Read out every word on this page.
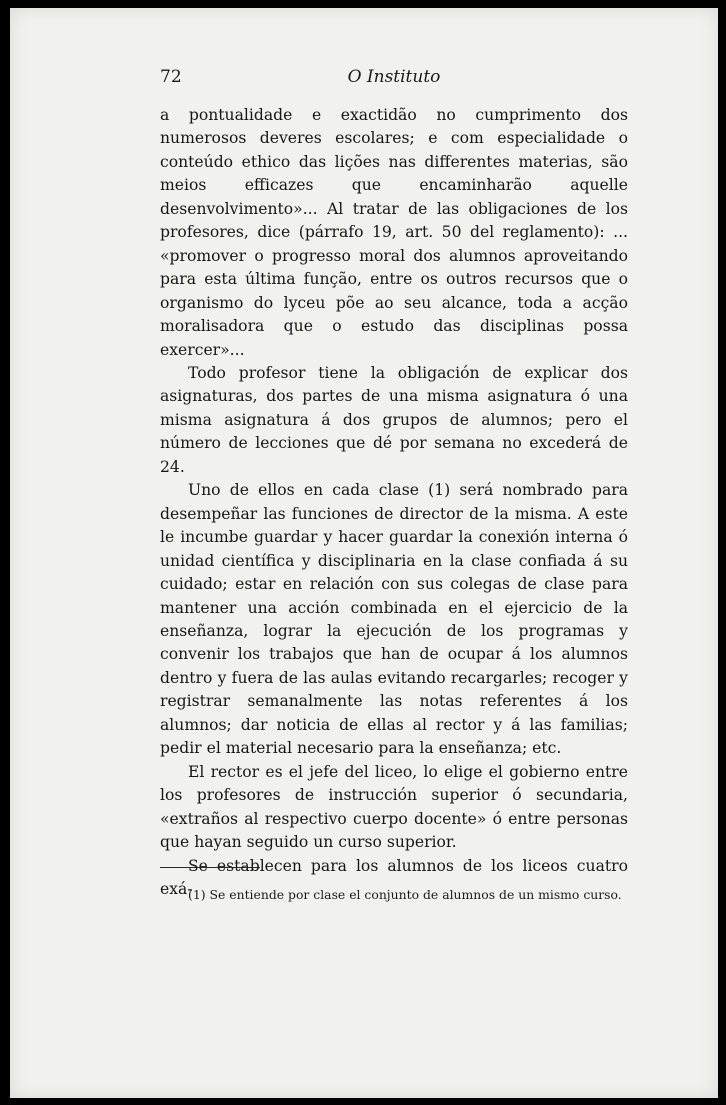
72	O Instituto

a pontualidade e exactidão no cumprimento dos numerosos deveres escolares; e com especialidade o conteúdo ethico das lições nas differentes materias, são meios efficazes que encaminharão aquelle desenvolvimento»... Al tratar de las obligaciones de los profesores, dice (párrafo 19, art. 50 del reglamento): ... «promover o progresso moral dos alumnos aproveitando para esta última função, entre os outros recursos que o organismo do lyceu põe ao seu alcance, toda a acção moralisadora que o estudo das disciplinas possa exercer»...

Todo profesor tiene la obligación de explicar dos asignaturas, dos partes de una misma asignatura ó una misma asignatura á dos grupos de alumnos; pero el número de lecciones que dé por semana no excederá de 24.

Uno de ellos en cada clase (1) será nombrado para desempeñar las funciones de director de la misma. A este le incumbe guardar y hacer guardar la conexión interna ó unidad científica y disciplinaria en la clase confiada á su cuidado; estar en relación con sus colegas de clase para mantener una acción combinada en el ejercicio de la enseñanza, lograr la ejecución de los programas y convenir los trabajos que han de ocupar á los alumnos dentro y fuera de las aulas evitando recargarles; recoger y registrar semanalmente las notas referentes á los alumnos; dar noticia de ellas al rector y á las familias; pedir el material necesario para la enseñanza; etc.

El rector es el jefe del liceo, lo elige el gobierno entre los profesores de instrucción superior ó secundaria, «extraños al respectivo cuerpo docente» ó entre personas que hayan seguido un curso superior.

Se establecen para los alumnos de los liceos cuatro exá-

(1) Se entiende por clase el conjunto de alumnos de un mismo curso.
